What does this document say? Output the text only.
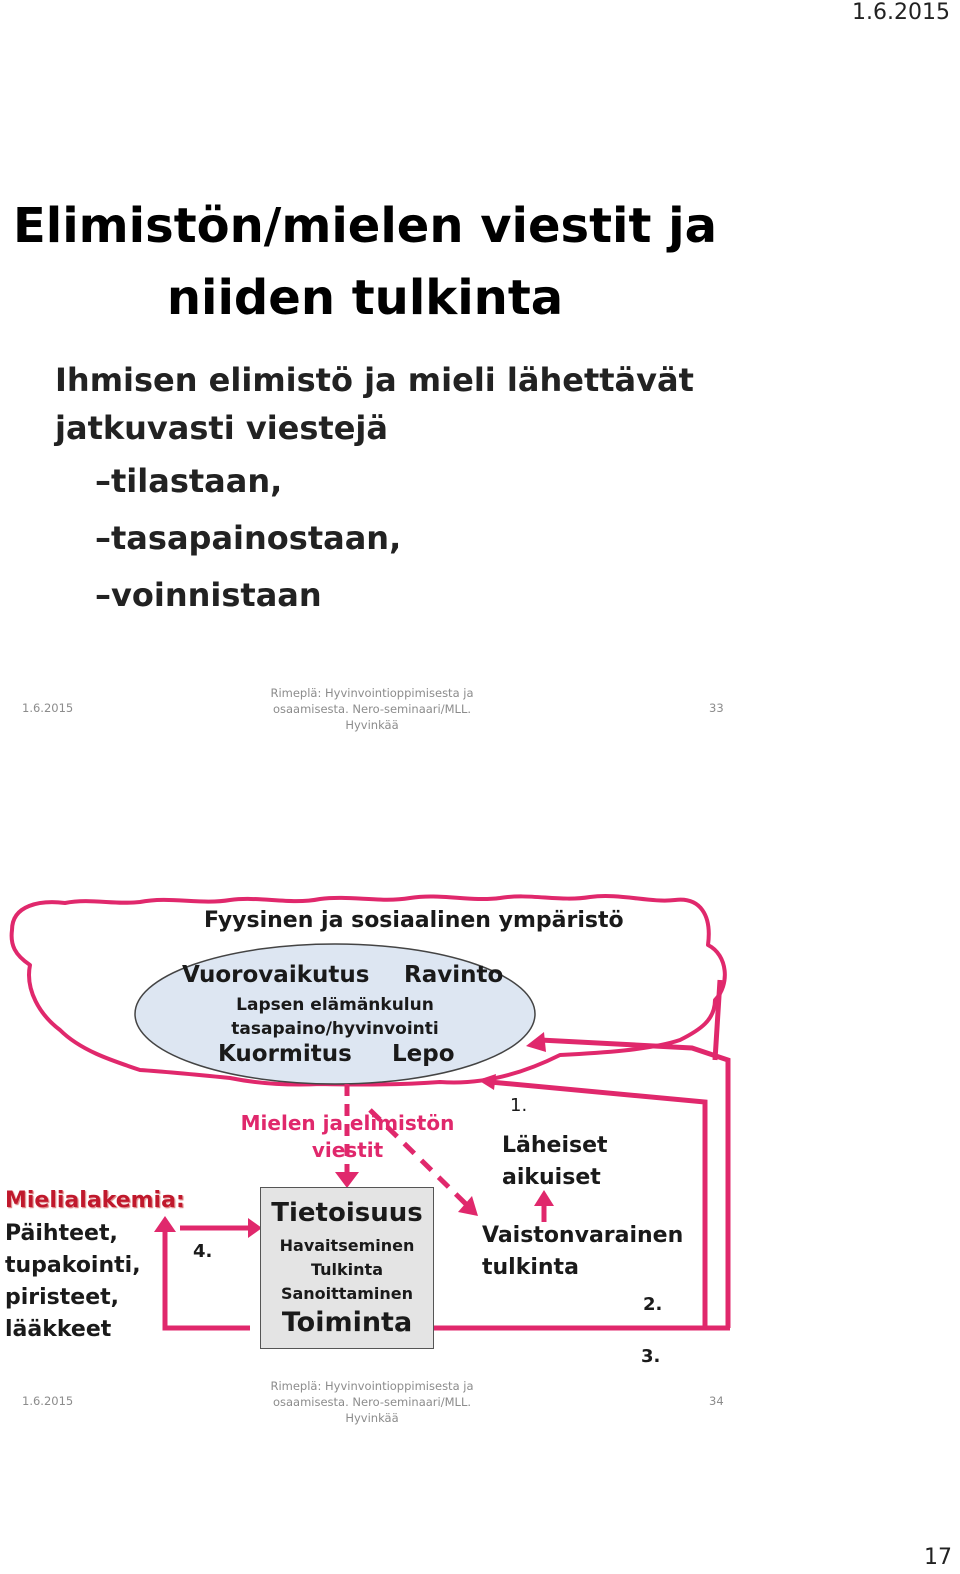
1.6.2015
Elimistön/mielen viestit ja
niiden tulkinta
Ihmisen elimistö ja mieli lähettävät
jatkuvasti viestejä
–tilastaan,
–tasapainostaan,
–voinnistaan
1.6.2015
Rimeplä: Hyvinvointioppimisesta ja
osaamisesta. Nero-seminaari/MLL.
Hyvinkää
33
Fyysinen ja sosiaalinen ympäristö
Vuorovaikutus Ravinto
Lapsen elämänkulun
tasapaino/hyvinvointi
Kuormitus Lepo
Mielen ja elimistön
viestit
Tietoisuus
Havaitseminen
Tulkinta
Sanoittaminen
Toiminta
Mielialakemia:
Päihteet,
tupakointi,
piristeet,
lääkkeet
4.
1.
Läheiset
aikuiset
Vaistonvarainen
tulkinta
2.
3.
1.6.2015
Rimeplä: Hyvinvointioppimisesta ja
osaamisesta. Nero-seminaari/MLL.
Hyvinkää
34
17
